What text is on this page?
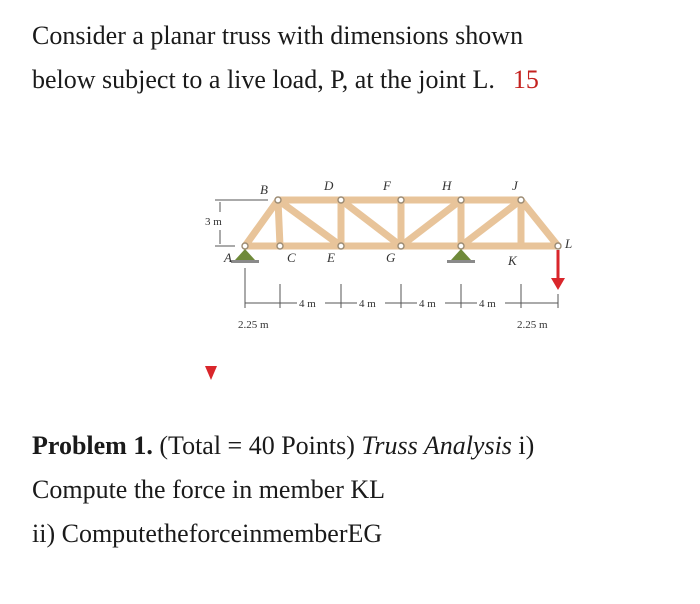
Consider a planar truss with dimensions shown
below subject to a live load, P, at the joint L. 15
3 m
B	D	F	H	J
A	C E	G	K
L
4 m	4 m	4 m	4 m
2.25 m	2.25 m
Problem 1. (Total = 40 Points) Truss Analysis i)
Compute the force in member KL
ii) ComputetheforceinmemberEG
